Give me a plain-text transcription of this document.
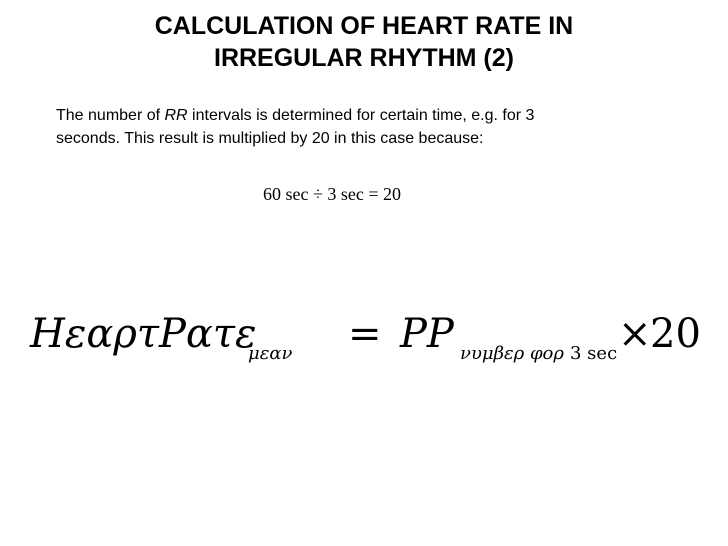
CALCULATION OF HEART RATE IN
IRREGULAR RHYTHM (2)

The number of RR intervals is determined for certain time, e.g. for 3
seconds. This result is multiplied by 20 in this case because:

60 sec ÷ 3 sec = 20
ΗεαρτΡατε
μεαν = ΡΡ νυμβερ φορ 3 sec ×
20
